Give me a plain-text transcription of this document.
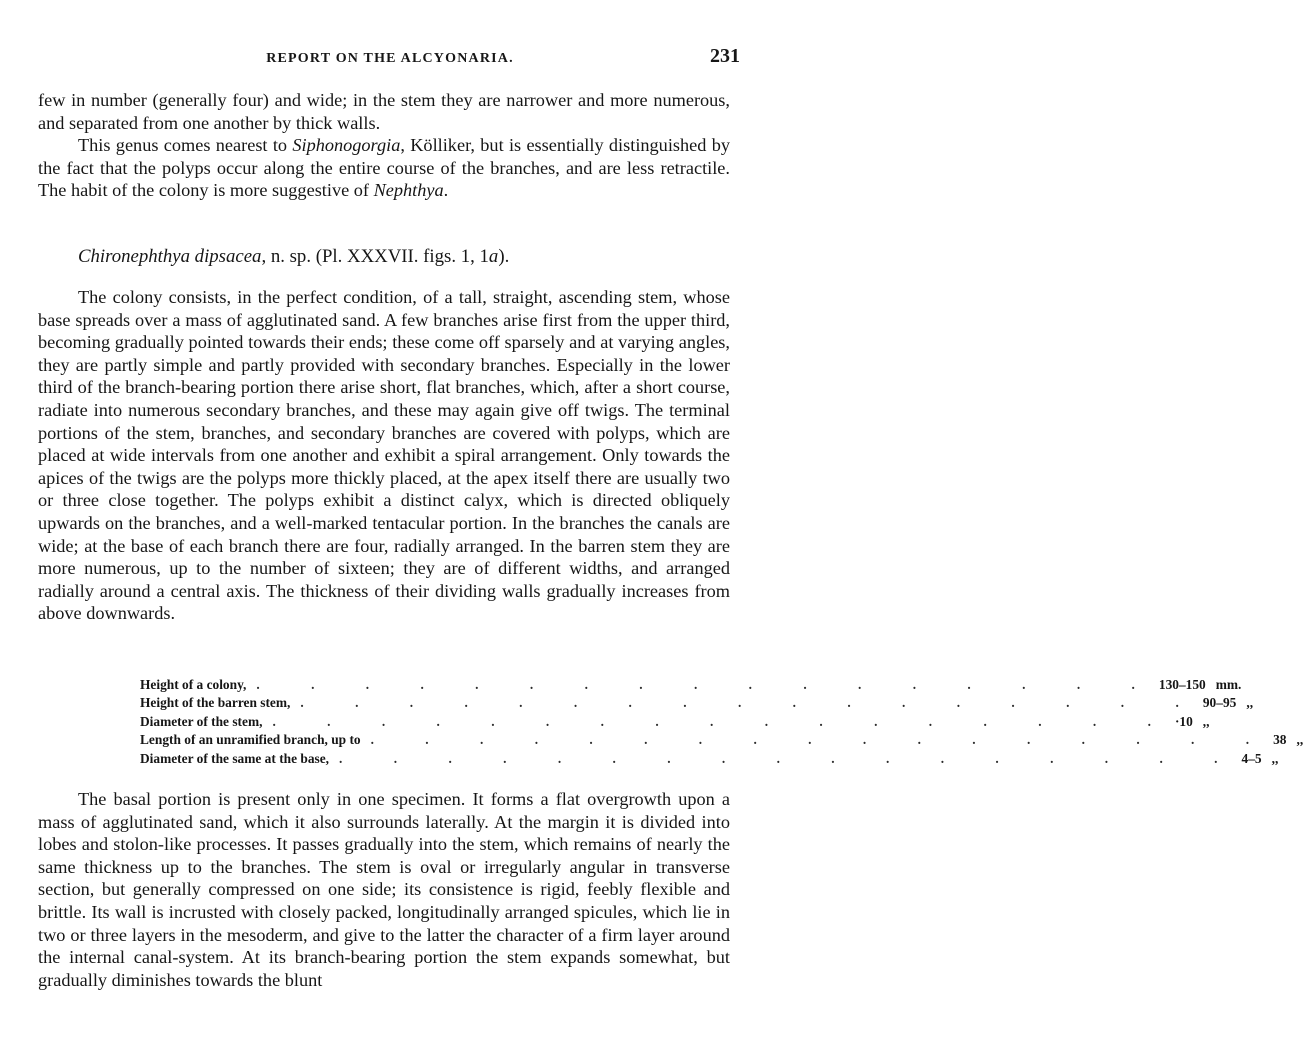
REPORT ON THE ALCYONARIA.	231

few in number (generally four) and wide; in the stem they are narrower and more numerous, and separated from one another by thick walls.

This genus comes nearest to Siphonogorgia, Kölliker, but is essentially distinguished by the fact that the polyps occur along the entire course of the branches, and are less retractile. The habit of the colony is more suggestive of Nephthya.

Chironephthya dipsacea, n. sp. (Pl. XXXVII. figs. 1, 1a).

The colony consists, in the perfect condition, of a tall, straight, ascending stem, whose base spreads over a mass of agglutinated sand. A few branches arise first from the upper third, becoming gradually pointed towards their ends; these come off sparsely and at varying angles, they are partly simple and partly provided with secondary branches. Especially in the lower third of the branch-bearing portion there arise short, flat branches, which, after a short course, radiate into numerous secondary branches, and these may again give off twigs. The terminal portions of the stem, branches, and secondary branches are covered with polyps, which are placed at wide intervals from one another and exhibit a spiral arrangement. Only towards the apices of the twigs are the polyps more thickly placed, at the apex itself there are usually two or three close together. The polyps exhibit a distinct calyx, which is directed obliquely upwards on the branches, and a well-marked tentacular portion. In the branches the canals are wide; at the base of each branch there are four, radially arranged. In the barren stem they are more numerous, up to the number of sixteen; they are of different widths, and arranged radially around a central axis. The thickness of their dividing walls gradually increases from above downwards.

Height of a colony, . . . . . . . . . . . . . . . . . 130–150 mm.
Height of the barren stem, . . . . . . . . . . . . . . . . . 90–95 ,,
Diameter of the stem, . . . . . . . . . . . . . . . . . ·10 ,,
Length of an unramified branch, up to . . . . . . . . . . . . . . . . . 38 ,,
Diameter of the same at the base, . . . . . . . . . . . . . . . . . 4–5 ,,

The basal portion is present only in one specimen. It forms a flat overgrowth upon a mass of agglutinated sand, which it also surrounds laterally. At the margin it is divided into lobes and stolon-like processes. It passes gradually into the stem, which remains of nearly the same thickness up to the branches. The stem is oval or irregularly angular in transverse section, but generally compressed on one side; its consistence is rigid, feebly flexible and brittle. Its wall is incrusted with closely packed, longitudinally arranged spicules, which lie in two or three layers in the mesoderm, and give to the latter the character of a firm layer around the internal canal-system. At its branch-bearing portion the stem expands somewhat, but gradually diminishes towards the blunt
